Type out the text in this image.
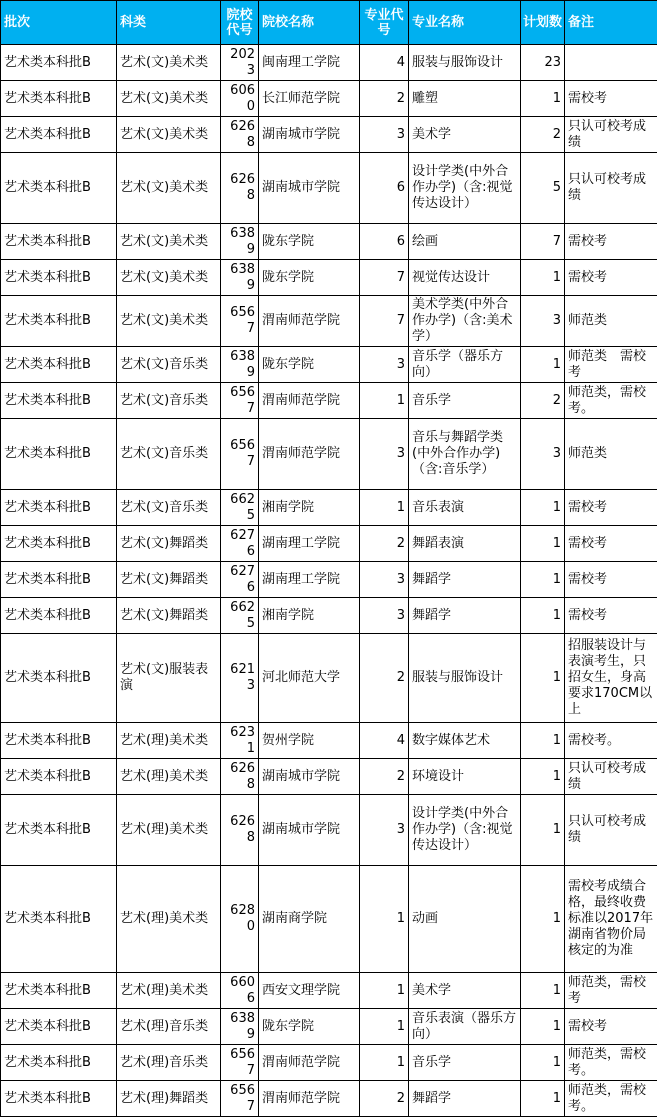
批次	科类	院校代号	院校名称	专业代号	专业名称	计划数	备注
艺术类本科批B	艺术(文)美术类	2023	闽南理工学院	4	服装与服饰设计	23	
艺术类本科批B	艺术(文)美术类	6060	长江师范学院	2	雕塑	1	需校考
艺术类本科批B	艺术(文)美术类	6268	湖南城市学院	3	美术学	2	只认可校考成绩
艺术类本科批B	艺术(文)美术类	6268	湖南城市学院	6	设计学类(中外合作办学)（含:视觉传达设计）	5	只认可校考成绩
艺术类本科批B	艺术(文)美术类	6389	陇东学院	6	绘画	7	需校考
艺术类本科批B	艺术(文)美术类	6389	陇东学院	7	视觉传达设计	1	需校考
艺术类本科批B	艺术(文)美术类	6567	渭南师范学院	7	美术学类(中外合作办学)（含:美术学）	3	师范类
艺术类本科批B	艺术(文)音乐类	6389	陇东学院	3	音乐学（器乐方向）	1	师范类　需校考
艺术类本科批B	艺术(文)音乐类	6567	渭南师范学院	1	音乐学	2	师范类，需校考。
艺术类本科批B	艺术(文)音乐类	6567	渭南师范学院	3	音乐与舞蹈学类(中外合作办学)（含:音乐学）	3	师范类
艺术类本科批B	艺术(文)音乐类	6625	湘南学院	1	音乐表演	1	需校考
艺术类本科批B	艺术(文)舞蹈类	6276	湖南理工学院	2	舞蹈表演	1	需校考
艺术类本科批B	艺术(文)舞蹈类	6276	湖南理工学院	3	舞蹈学	1	需校考
艺术类本科批B	艺术(文)舞蹈类	6625	湘南学院	3	舞蹈学	1	需校考
艺术类本科批B	艺术(文)服装表演	6213	河北师范大学	2	服装与服饰设计	1	招服装设计与表演考生，只招女生，身高要求170CM以上
艺术类本科批B	艺术(理)美术类	6231	贺州学院	4	数字媒体艺术	1	需校考。
艺术类本科批B	艺术(理)美术类	6268	湖南城市学院	2	环境设计	1	只认可校考成绩
艺术类本科批B	艺术(理)美术类	6268	湖南城市学院	3	设计学类(中外合作办学)（含:视觉传达设计）	1	只认可校考成绩
艺术类本科批B	艺术(理)美术类	6280	湖南商学院	1	动画	1	需校考成绩合格，最终收费标准以2017年湖南省物价局核定的为准
艺术类本科批B	艺术(理)美术类	6606	西安文理学院	1	美术学	1	师范类，需校考
艺术类本科批B	艺术(理)音乐类	6389	陇东学院	1	音乐表演（器乐方向）	1	需校考
艺术类本科批B	艺术(理)音乐类	6567	渭南师范学院	1	音乐学	1	师范类，需校考。
艺术类本科批B	艺术(理)舞蹈类	6567	渭南师范学院	2	舞蹈学	1	师范类，需校考。
